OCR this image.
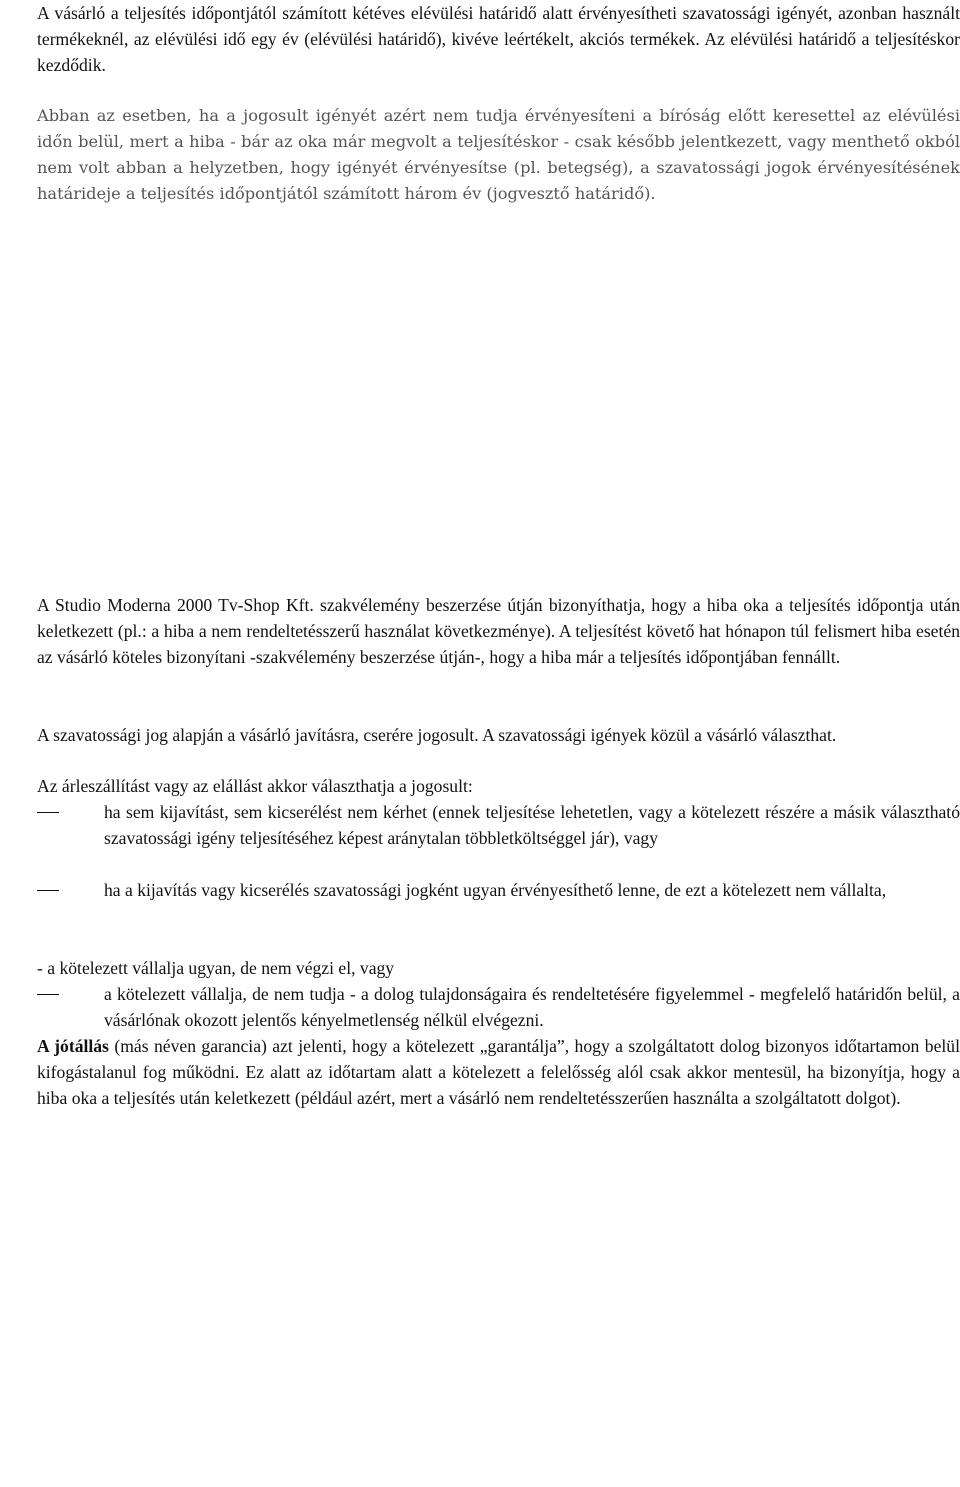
A vásárló a teljesítés időpontjától számított kétéves elévülési határidő alatt érvényesítheti szavatossági igényét, azonban használt termékeknél, az elévülési idő egy év (elévülési határidő), kivéve leértékelt, akciós termékek. Az elévülési határidő a teljesítéskor kezdődik.

Abban az esetben, ha a jogosult igényét azért nem tudja érvényesíteni a bíróság előtt keresettel az elévülési időn belül, mert a hiba - bár az oka már megvolt a teljesítéskor - csak később jelentkezett, vagy menthető okból nem volt abban a helyzetben, hogy igényét érvényesítse (pl. betegség), a szavatossági jogok érvényesítésének határideje a teljesítés időpontjától számított három év (jogvesztő határidő).

A Studio Moderna 2000 Tv-Shop Kft. szakvélemény beszerzése útján bizonyíthatja, hogy a hiba oka a teljesítés időpontja után keletkezett (pl.: a hiba a nem rendeltetésszerű használat következménye). A teljesítést követő hat hónapon túl felismert hiba esetén az vásárló köteles bizonyítani -szakvélemény beszerzése útján-, hogy a hiba már a teljesítés időpontjában fennállt.

A szavatossági jog alapján a vásárló javításra, cserére jogosult. A szavatossági igények közül a vásárló választhat.

Az árleszállítást vagy az elállást akkor választhatja a jogosult:

ha sem kijavítást, sem kicserélést nem kérhet (ennek teljesítése lehetetlen, vagy a kötelezett részére a másik választható szavatossági igény teljesítéséhez képest aránytalan többletköltséggel jár), vagy
ha a kijavítás vagy kicserélés szavatossági jogként ugyan érvényesíthető lenne, de ezt a kötelezett nem vállalta,

- a kötelezett vállalja ugyan, de nem végzi el, vagy

a kötelezett vállalja, de nem tudja - a dolog tulajdonságaira és rendeltetésére figyelemmel - megfelelő határidőn belül, a vásárlónak okozott jelentős kényelmetlenség nélkül elvégezni.

A jótállás (más néven garancia) azt jelenti, hogy a kötelezett „garantálja”, hogy a szolgáltatott dolog bizonyos időtartamon belül kifogástalanul fog működni. Ez alatt az időtartam alatt a kötelezett a felelősség alól csak akkor mentesül, ha bizonyítja, hogy a hiba oka a teljesítés után keletkezett (például azért, mert a vásárló nem rendeltetésszerűen használta a szolgáltatott dolgot).
